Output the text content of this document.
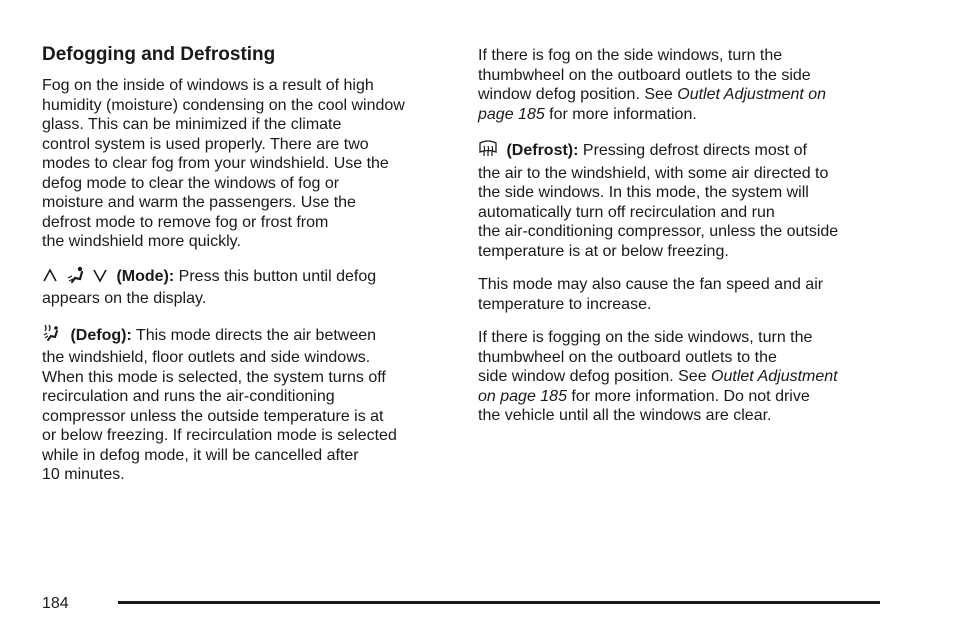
Defogging and Defrosting

Fog on the inside of windows is a result of high
humidity (moisture) condensing on the cool window
glass. This can be minimized if the climate
control system is used properly. There are two
modes to clear fog from your windshield. Use the
defog mode to clear the windows of fog or
moisture and warm the passengers. Use the
defrost mode to remove fog or frost from
the windshield more quickly.

(Mode): Press this button until defog
appears on the display.

(Defog): This mode directs the air between
the windshield, floor outlets and side windows.
When this mode is selected, the system turns off
recirculation and runs the air-conditioning
compressor unless the outside temperature is at
or below freezing. If recirculation mode is selected
while in defog mode, it will be cancelled after
10 minutes.

If there is fog on the side windows, turn the
thumbwheel on the outboard outlets to the side
window defog position. See Outlet Adjustment on
page 185 for more information.

(Defrost): Pressing defrost directs most of
the air to the windshield, with some air directed to
the side windows. In this mode, the system will
automatically turn off recirculation and run
the air-conditioning compressor, unless the outside
temperature is at or below freezing.

This mode may also cause the fan speed and air
temperature to increase.

If there is fogging on the side windows, turn the
thumbwheel on the outboard outlets to the
side window defog position. See Outlet Adjustment
on page 185 for more information. Do not drive
the vehicle until all the windows are clear.

184
